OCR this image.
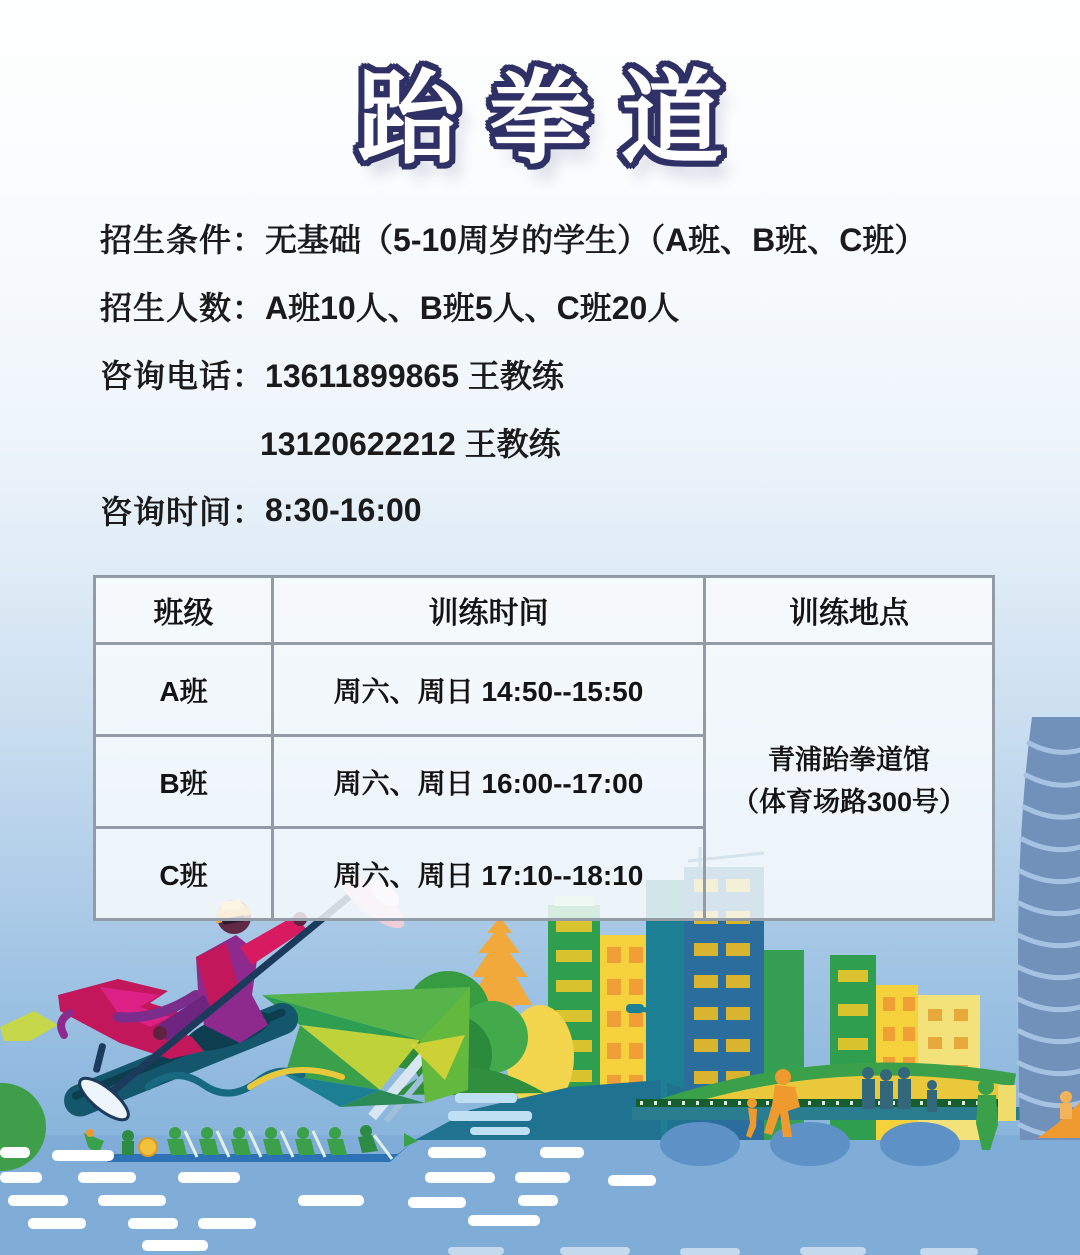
跆拳道
招生条件： 无基础（5-10周岁的学生）（A班、B班、C班）
招生人数： A班10人、B班5人、C班20人
咨询电话： 13611899865 王教练
13120622212 王教练
咨询时间： 8:30-16:00
班级	训练时间	训练地点
A班	周六、周日 14:50--15:50	青浦跆拳道馆
（体育场路300号）

B班	周六、周日 16:00--17:00	
C班	周六、周日 17:10--18:10	
